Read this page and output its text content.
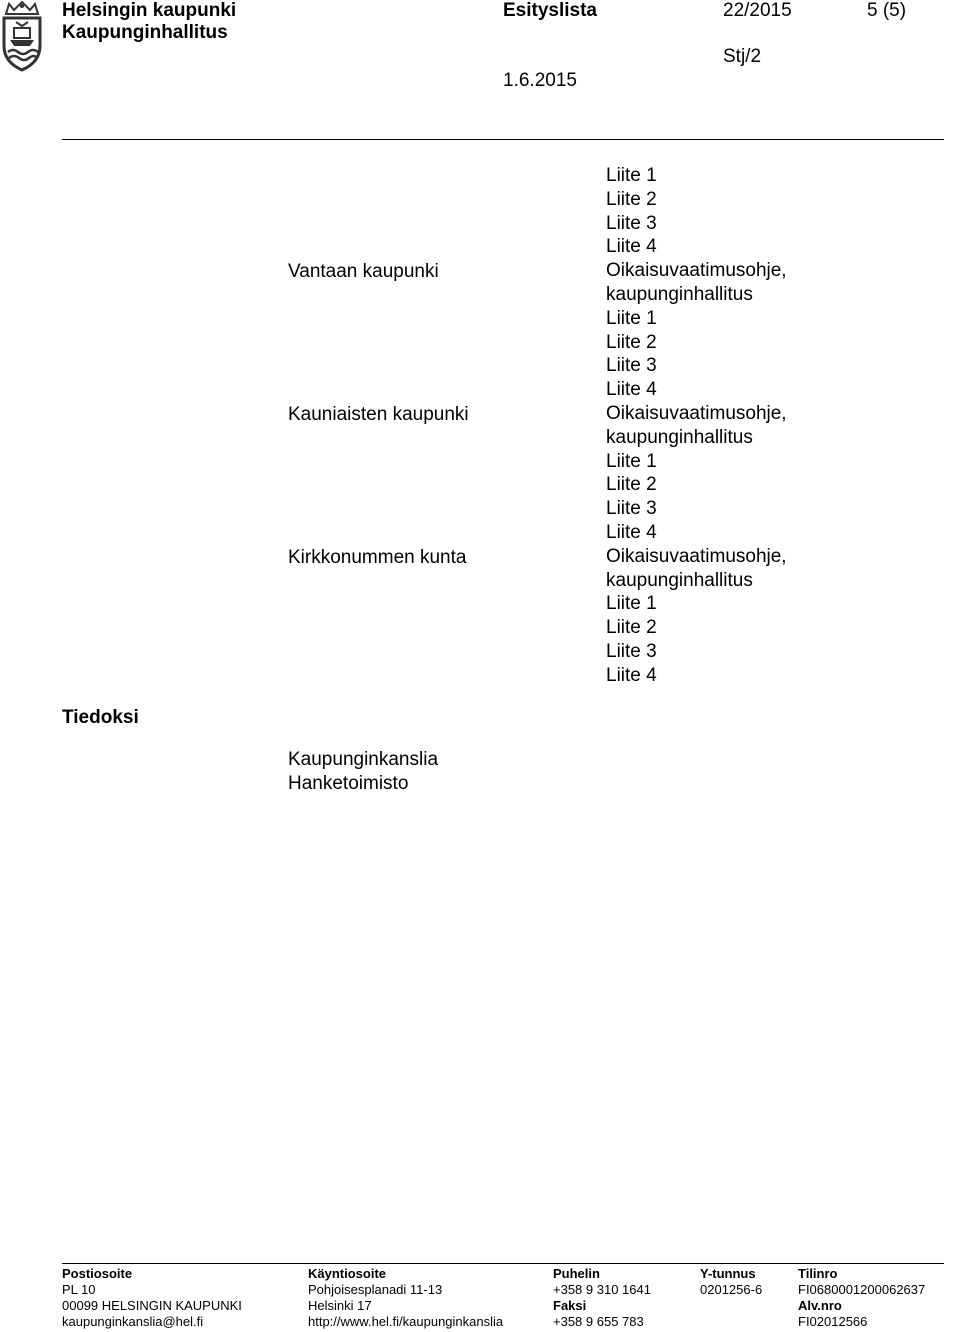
Helsingin kaupunki
Kaupunginhallitus
Esityslista	22/2015	5 (5)
Stj/2
1.6.2015
Vantaan kaupunki
Kauniaisten kaupunki
Kirkkonummen kunta
Liite 1
Liite 2
Liite 3
Liite 4
Oikaisuvaatimusohje,
kaupunginhallitus
Liite 1
Liite 2
Liite 3
Liite 4
Oikaisuvaatimusohje,
kaupunginhallitus
Liite 1
Liite 2
Liite 3
Liite 4
Oikaisuvaatimusohje,
kaupunginhallitus
Liite 1
Liite 2
Liite 3
Liite 4
Tiedoksi
Kaupunginkanslia
Hanketoimisto
Postiosoite
PL 10
00099 HELSINGIN KAUPUNKI
kaupunginkanslia@hel.fi
Käyntiosoite
Pohjoisesplanadi 11-13
Helsinki 17
http://www.hel.fi/kaupunginkanslia
Puhelin
+358 9 310 1641
Faksi
+358 9 655 783
Y-tunnus
0201256-6
Tilinro
FI0680001200062637
Alv.nro
FI02012566
